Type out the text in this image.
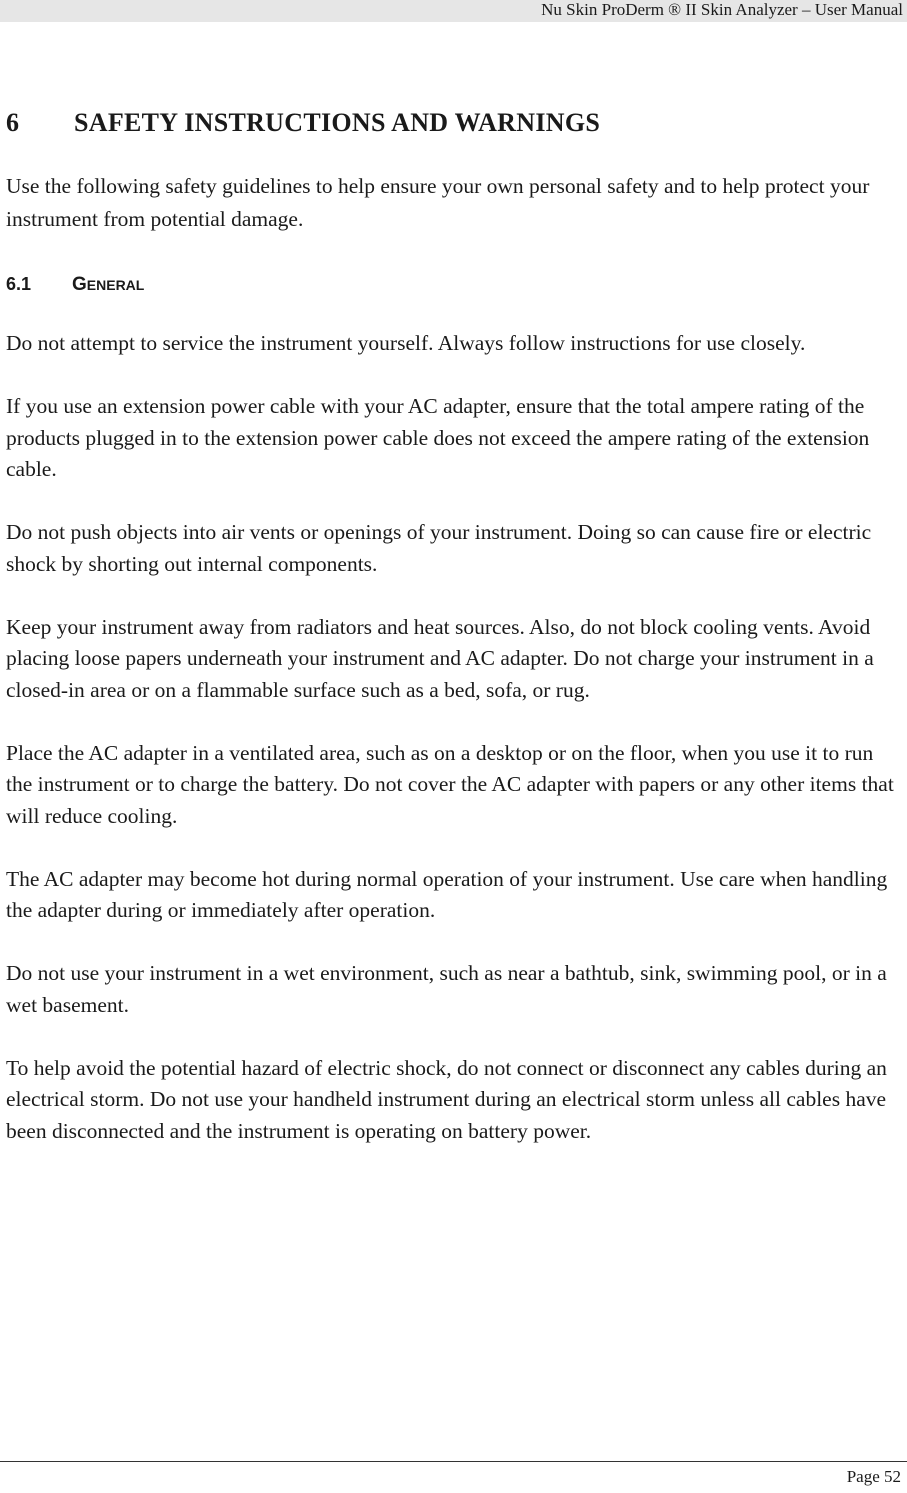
Nu Skin ProDerm ® II Skin Analyzer – User Manual
6 SAFETY INSTRUCTIONS AND WARNINGS

Use the following safety guidelines to help ensure your own personal safety and to help protect your instrument from potential damage.

6.1 GENERAL

Do not attempt to service the instrument yourself. Always follow instructions for use closely.

If you use an extension power cable with your AC adapter, ensure that the total ampere rating of the products plugged in to the extension power cable does not exceed the ampere rating of the extension cable.

Do not push objects into air vents or openings of your instrument. Doing so can cause fire or electric shock by shorting out internal components.

Keep your instrument away from radiators and heat sources. Also, do not block cooling vents. Avoid placing loose papers underneath your instrument and AC adapter. Do not charge your instrument in a closed-in area or on a flammable surface such as a bed, sofa, or rug.

Place the AC adapter in a ventilated area, such as on a desktop or on the floor, when you use it to run the instrument or to charge the battery. Do not cover the AC adapter with papers or any other items that will reduce cooling.

The AC adapter may become hot during normal operation of your instrument. Use care when handling the adapter during or immediately after operation.

Do not use your instrument in a wet environment, such as near a bathtub, sink, swimming pool, or in a wet basement.

To help avoid the potential hazard of electric shock, do not connect or disconnect any cables during an electrical storm. Do not use your handheld instrument during an electrical storm unless all cables have been disconnected and the instrument is operating on battery power.

Page 52
